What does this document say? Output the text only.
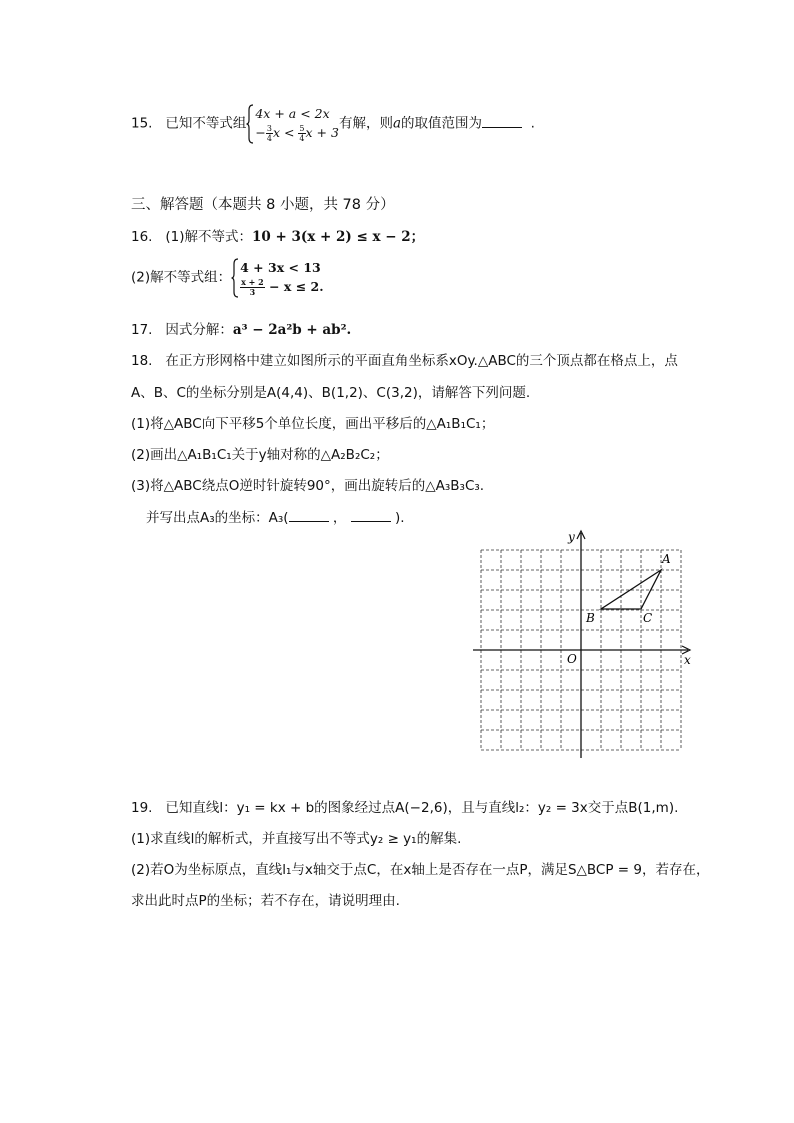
15. 已知不等式组
4x + a < 2x
− $\frac{3}{4}$ $x < \frac{5}{4}$ x + 3
有解，则a的取值范围为	.
三、解答题（本题共 8 小题，共 78 分）
16. (1)解不等式：10 + 3(x + 2) ≤ x − 2；
(2)解不等式组：
4 + 3x < 13
$\frac{x + 2}{3} - x \le 2$.
17. 因式分解：a³ − 2a²b + ab².
18. 在正方形网格中建立如图所示的平面直角坐标系xOy.△ABC的三个顶点都在格点上，点
A、B、C的坐标分别是A(4,4)、B(1,2)、C(3,2)，请解答下列问题.
(1)将△ABC向下平移5个单位长度，画出平移后的△A₁B₁C₁；
(2)画出△A₁B₁C₁关于y轴对称的△A₂B₂C₂；
(3)将△ABC绕点O逆时针旋转90°，画出旋转后的△A₃B₃C₃.
并写出点A₃的坐标：A₃(	，	).
x
y
O
A
B	C
19. 已知直线l：y₁ = kx + b的图象经过点A(−2,6)，且与直线l₂：y₂ = 3x交于点B(1,m).
(1)求直线l的解析式，并直接写出不等式y₂ ≥ y₁的解集.
(2)若O为坐标原点，直线l₁与x轴交于点C，在x轴上是否存在一点P，满足S△BCP = 9，若存在，
求出此时点P的坐标；若不存在，请说明理由.
